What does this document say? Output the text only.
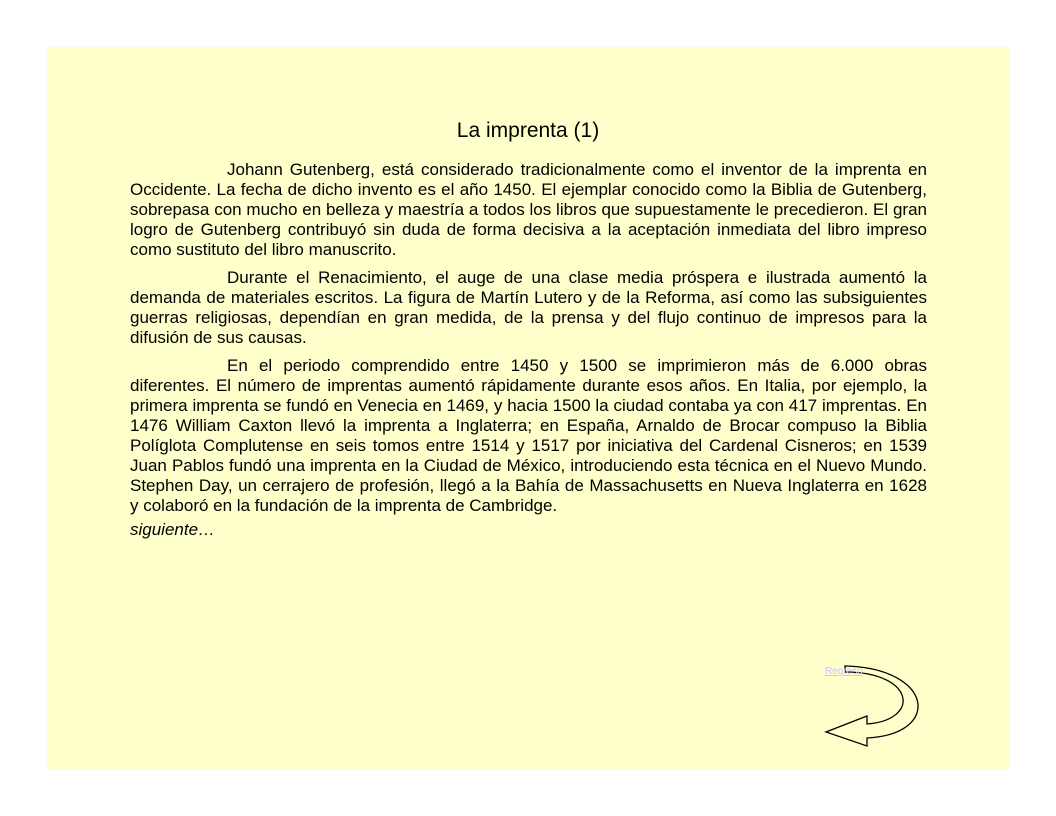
La imprenta (1)

Johann Gutenberg, está considerado tradicionalmente como el inventor de la imprenta en Occidente. La fecha de dicho invento es el año 1450. El ejemplar conocido como la Biblia de Gutenberg, sobrepasa con mucho en belleza y maestría a todos los libros que supuestamente le precedieron. El gran logro de Gutenberg contribuyó sin duda de forma decisiva a la aceptación inmediata del libro impreso como sustituto del libro manuscrito.

Durante el Renacimiento, el auge de una clase media próspera e ilustrada aumentó la demanda de materiales escritos. La figura de Martín Lutero y de la Reforma, así como las subsiguientes guerras religiosas, dependían en gran medida, de la prensa y del flujo continuo de impresos para la difusión de sus causas.

En el periodo comprendido entre 1450 y 1500 se imprimieron más de 6.000 obras diferentes. El número de imprentas aumentó rápidamente durante esos años. En Italia, por ejemplo, la primera imprenta se fundó en Venecia en 1469, y hacia 1500 la ciudad contaba ya con 417 imprentas. En 1476 William Caxton llevó la imprenta a Inglaterra; en España, Arnaldo de Brocar compuso la Biblia Políglota Complutense en seis tomos entre 1514 y 1517 por iniciativa del Cardenal Cisneros; en 1539 Juan Pablos fundó una imprenta en la Ciudad de México, introduciendo esta técnica en el Nuevo Mundo. Stephen Day, un cerrajero de profesión, llegó a la Bahía de Massachusetts en Nueva Inglaterra en 1628 y colaboró en la fundación de la imprenta de Cambridge.

siguiente…
Regreso
